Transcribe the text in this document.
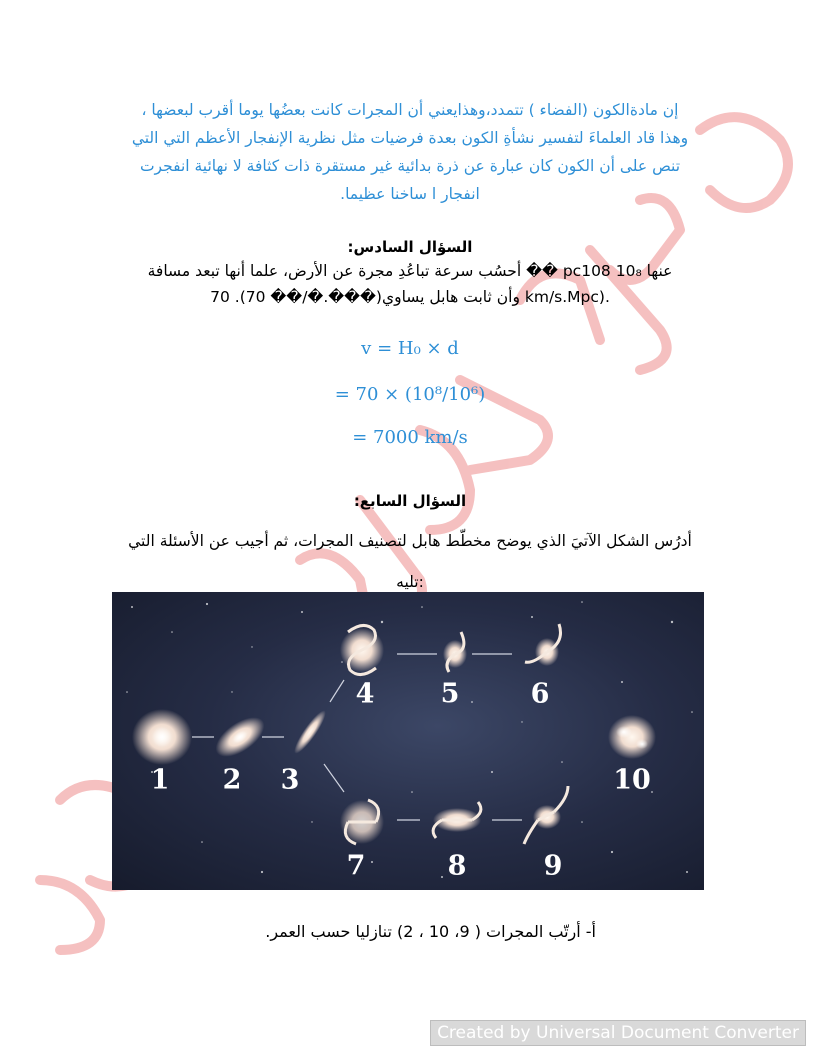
المعلم الالكتروني الشامل

إن مادةالكون (الفضاء ) تتمدد،وهذايعني أن المجرات كانت بعضُها يوما أقرب لبعضها ،

وهذا قاد العلماءَ لتفسير نشأةِ الكون بعدة فرضيات مثل نظرية الإنفجار الأعظم التي التي

تنص على أن الكون كان عبارة عن ذرة بدائية غير مستقرة ذات كثافة لا نهائية انفجرت

انفجار ا ساخنا عظيما.

السؤال السادس:

أحسُب سرعة تباعُدِ مجرة عن الأرض، علما أنها تبعد مسافة �� pc108 10₈ عنها

وأن ثابت هابل يساوي(���.�/�� 70). 70 km/s.Mpc).

v = H₀ × d
= 70 × (10⁸/10⁶)
= 7000 km/s

السؤال السابع:

أدرُس الشكل الآتيَ الذي يوضح مخطّط هابل لتصنيف المجرات، ثم أجيب عن الأسئلة التي

تليه:

1 2 3
4 5	6
7	8	9
10

أ- أرتّب المجرات ( 9، 10 ، 2) تنازليا حسب العمر.

Created by Universal Document Converter
